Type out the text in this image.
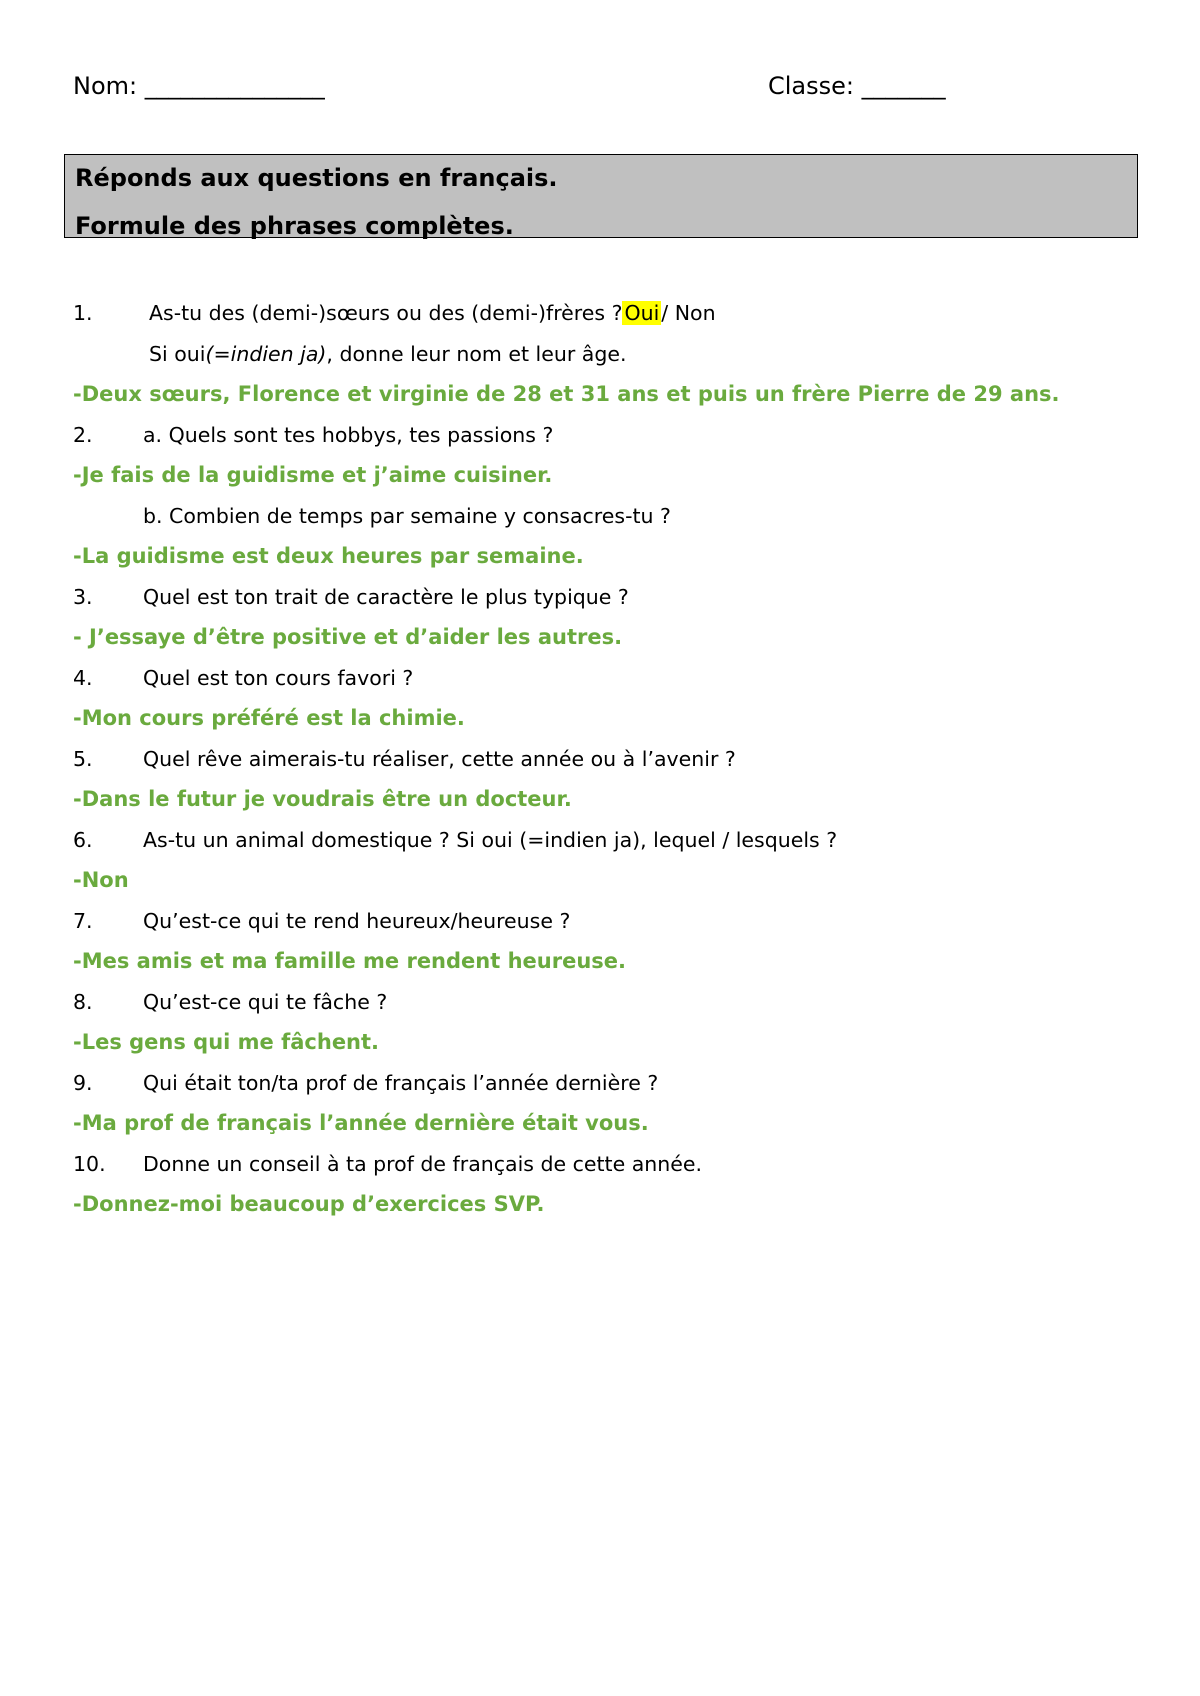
Nom: _______________	Classe: _______

Réponds aux questions en français.

Formule des phrases complètes.

1.	As-tu des (demi-)sœurs ou des (demi-)frères ? Oui / Non
Si oui (=indien ja) , donne leur nom et leur âge.
-Deux sœurs, Florence et virginie de 28 et 31 ans et puis un frère Pierre de 29 ans.
2.	a. Quels sont tes hobbys, tes passions ?
-Je fais de la guidisme et j’aime cuisiner.
b. Combien de temps par semaine y consacres-tu ?
-La guidisme est deux heures par semaine.
3.	Quel est ton trait de caractère le plus typique ?
- J’essaye d’être positive et d’aider les autres.
4.	Quel est ton cours favori ?
-Mon cours préféré est la chimie.
5.	Quel rêve aimerais-tu réaliser, cette année ou à l’avenir ?
-Dans le futur je voudrais être un docteur.
6.	As-tu un animal domestique ? Si oui (=indien ja), lequel / lesquels ?
-Non
7.	Qu’est-ce qui te rend heureux/heureuse ?
-Mes amis et ma famille me rendent heureuse.
8.	Qu’est-ce qui te fâche ?
-Les gens qui me fâchent.
9.	Qui était ton/ta prof de français l’année dernière ?
-Ma prof de français l’année dernière était vous.
10.	Donne un conseil à ta prof de français de cette année.
-Donnez-moi beaucoup d’exercices SVP.
